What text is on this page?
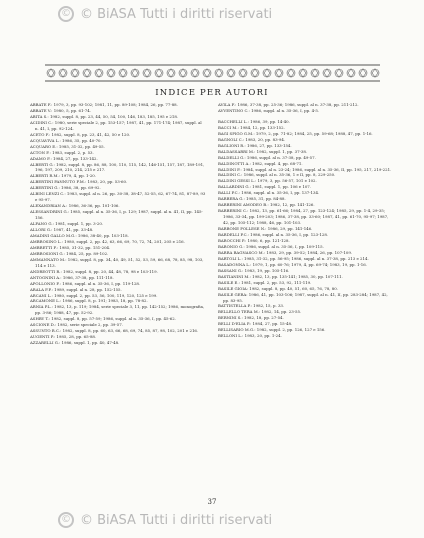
© © BiASA Tutti i diritti riservati
INDICE PER AUTORI

ABBATE F.: 1979, 3, pp. 93-102; 1981, 11, pp. 89-108; 1984, 26, pp. 77-88.

ABBATE V.: 1980, 5, pp. 61-74.

ABITA S.: 1982, suppl. 8, pp. 23, 44, 50, 54, 100, 146, 183, 185, 195 e 218.

ACIDINI C.: 1980, serie speciale 2, pp. 153-157; 1987, 41, pp. 171-174; 1987, suppl. al n. 41, I, pp. 92-124.

ACETO F.: 1982, suppl. 8, pp. 23, 41, 42, 50 e 120.

ACQUAVIVA L.: 1986, 35, pp. 40-70.

ACQUARO E.: 1985, 31-32, pp. 49-55.

ACTON F.: 1983, suppl. 2, p. 53.

ADAMO F.: 1984, 27, pp. 133-142.

ALBERTI G.: 1982, suppl. 8, pp. 86, 88, 100, 110, 115, 142, 146-151, 157, 187, 189-191, 196, 197, 209, 210, 214, 215 e 217.

ALBERTI R.M.: 1979, 4, pp. 1-20.

ALBERTINI PANNUTO F.M.: 1983, 20, pp. 53-60.

ALBERTINI G.: 1986, 38, pp. 69-92.

ALBINI LENZI C.: 1983, suppl. al n. 26, pp. 30-38, 38-47, 52-55, 62, 67-74, 81, 87-89, 93 e 95-97.

ALEXANDRIAN A.: 1986, 36-36, pp. 101-106.

ALESSANDRINI G.: 1985, suppl. al n. 35-36, I, p. 129; 1987, suppl. al n. 41, II, pp. 145-156.

ALFANO G.: 1981, suppl. 1, pp. 3-20.

ALLORI G.: 1987, 41, pp. 33-48.

AMADINI GALLO M.G.: 1986, 38-40, pp. 103-118.

AMBROSINO L.: 1980, suppl. 2, pp. 42, 63, 66, 69, 70, 72, 74, 201, 205 e 216.

AMBRETTI F.: 1985, 31-32, pp. 151-204.

AMBROSIONI G.: 1984, 25, pp. 89-102.

AMMANNATO M.: 1982, suppl. 8, pp. 34, 40, 49, 51, 52, 53, 59, 66, 68, 78, 85, 98, 103, 114 e 113.

ANDREOTTI R.: 1982, suppl. 8, pp. 20, 44, 48, 78, 98 e 103-119.

ANTOGNINI A.: 1986, 37-38, pp. 111-118.

APOLLONIO F.: 1986, suppl. al n. 35-36, I, pp. 119-128.

ARALA F.P.: 1989, suppl. al n. 28, pp. 152-155.

ARCANI L.: 1980, suppl. 2, pp. 53, 56, 100, 119, 120, 125 e 199.

ARCAMONE L.: 1986, suppl. 8, p. 191; 1983, 18, pp. 78-82.

ARNIA P.L.: 1982, 13, p. 119; 1984, serie speciale 3, 11, pp. 142-152; 1986, monografia, pp. 3-86; 1988, 47, pp. 52-92.

ASHBY T.: 1982, suppl. 8, pp. 57-59; 1986, suppl. al n. 35-36, I, pp. 45-62.

ASCIONE D.: 1982, serie speciale 2, pp. 39-57.

ASSUNTO R.C.: 1982, suppl. 8, pp. 60, 63, 66, 68, 69, 74, 85, 87, 98, 102, 201 e 216.

AUGENTI P.: 1985, 28, pp. 65-88.

AZZARELLI G.: 1986, suppl. 1, pp. 40, 47-48.

AVILA F.: 1986, 37-38, pp. 25-36; 1986, suppl. al n. 37-38, pp. 211-212.

AVVENTINO C.: 1986, suppl. al n. 35-36, I, pp. 4-5.

BACCHELLI L.: 1986, 39, pp. 14-40.

BACCI M.: 1984, 12, pp. 133-152.

BAGI SPIGO G.M.: 1979, 2, pp. 71-82; 1984, 25, pp. 59-68; 1988, 47, pp. 1-16.

BAGNOLI C.: 1983, 20, pp. 83-94.

BAGLIONI R.: 1986, 27, pp. 133-154.

BALDASSARRI M.: 1982, suppl. 1, pp. 37-38.

BALDELLI G.: 1986, suppl. al n. 37-38, pp. 49-57.

BALDINOTTI A.: 1982, suppl. 4, pp. 68-71.

BALDINI F.: 1984, suppl. al n. 23-24; 1986, suppl. al n. 35-36, II, pp. 195, 217, 219-221.

BALDINI C.: 1986, suppl. al n. 35-36, 1 e II, pp. 8, 229-250.

BALDINI GESSI L.: 1979, 3, pp. 56-57, 101 e 102.

BALLARDINI G.: 1981, suppl. 1, pp. 106 e 107.

BALLI P.C.: 1986, suppl. al n. 35-36, I, pp. 137-134.

BARBERA G.: 1985, 31, pp. 84-88.

BARBERINI AMODEO B.: 1982, 12, pp. 141-126.

BARBERINI C.: 1982, 13, pp. 61-66; 1984, 27, pp. 123-124; 1985, 29, pp. 1-4, 29-35; 1986, 33-34, pp. 199-203; 1986, 37-38, pp. 33-60; 1987, 41, pp. 61-70, 95-97; 1987, 42, pp. 105-112; 1988, 46, pp. 101-103.

BARBONE POLLESE N.: 1986, 29, pp. 141-146.

BARDELLI P.C.: 1986, suppl. al n. 35-36, I, pp. 123-128.

BAROCCHI P.: 1980, 6, pp. 121-128.

BARONIO G.: 1986, suppl. al n. 35-36, I, pp. 109-115.

BARRA BAGNASCO M.: 1983, 29, pp. 39-52; 1984, 26, pp. 107-109.

BARTOLI L.: 1985, 31-32, pp. 56-95; 1986, suppl. al n. 37-38, pp. 213 e 214.

BASADONNA L.: 1979, 1, pp. 60-76; 1979, 4, pp. 69-74; 1983, 19, pp. 1-16.

BASSANI G.: 1983, 19, pp. 105-116.

BASTIANINI M.: 1982, 13, pp. 135-141; 1985, 30, pp. 107-111.

BASILE E.: 1981, suppl. 2, pp. 53, 92, 111-119.

BASILE GIOIA: 1982, suppl. 8, pp. 40, 51, 60, 65, 76, 78, 80.

BASILE GERA: 1986, 41, pp. 103-106; 1987, suppl. al n. 41, II, pp. 283-284; 1987, 42, pp. 83-95.

BATTISTELLA P.: 1982, 15, p. 33.

BELLELLO TERA M.: 1982, 14, pp. 23-55.

BERNINI S.: 1982, 18, pp. 27-54.

BELLI D'ELIA P.: 1984, 27, pp. 15-48.

BELLISARIO M.G.: 1982, suppl. 2, pp. 126, 127 e 156.

BELLONI L.: 1983, 20, pp. 1-24.

37
© © BiASA Tutti i diritti riservati
